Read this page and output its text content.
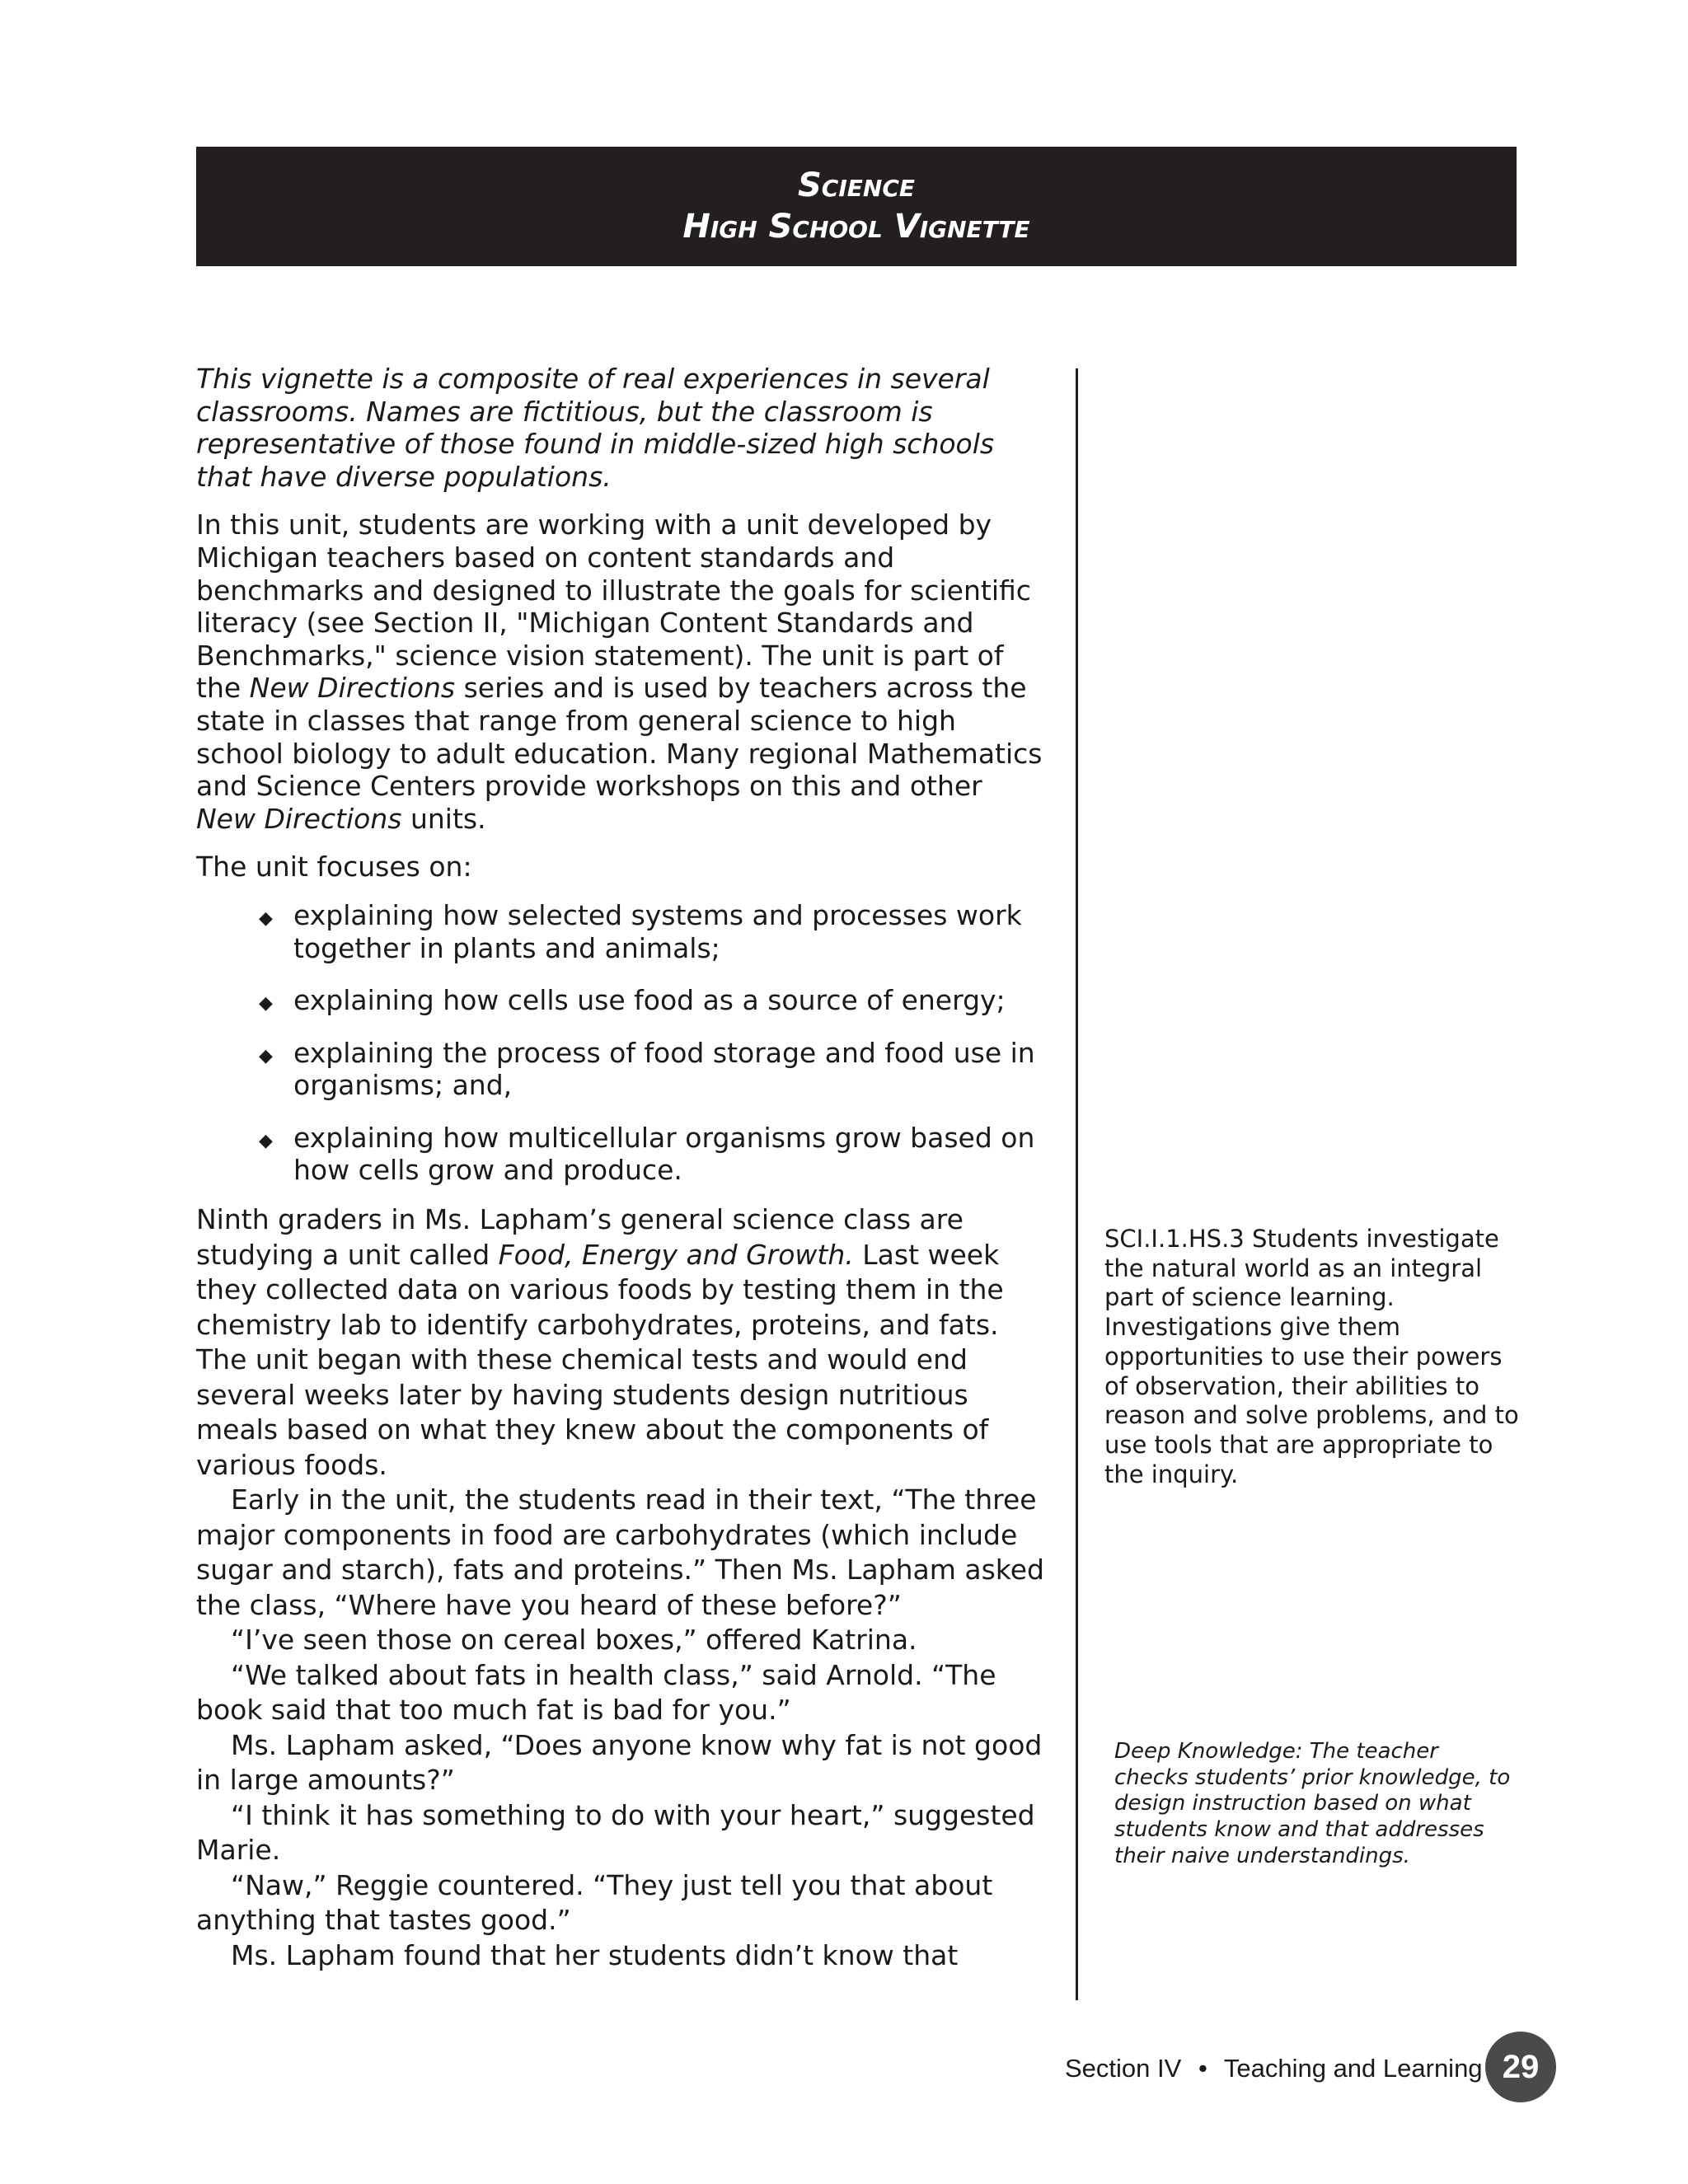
Science
High School Vignette

This vignette is a composite of real experiences in several classrooms. Names are fictitious, but the classroom is representative of those found in middle-sized high schools that have diverse populations.

In this unit, students are working with a unit developed by Michigan teachers based on content standards and benchmarks and designed to illustrate the goals for scientific literacy (see Section II, "Michigan Content Standards and Benchmarks," science vision statement). The unit is part of the New Directions series and is used by teachers across the state in classes that range from general science to high school biology to adult education. Many regional Mathematics and Science Centers provide workshops on this and other New Directions units.

The unit focuses on:

◆ explaining how selected systems and processes work together in plants and animals;
◆ explaining how cells use food as a source of energy;
◆ explaining the process of food storage and food use in organisms; and,
◆ explaining how multicellular organisms grow based on how cells grow and produce.

Ninth graders in Ms. Lapham’s general science class are studying a unit called Food, Energy and Growth. Last week they collected data on various foods by testing them in the chemistry lab to identify carbohydrates, proteins, and fats. The unit began with these chemical tests and would end several weeks later by having students design nutritious meals based on what they knew about the components of various foods.

Early in the unit, the students read in their text, “The three major components in food are carbohydrates (which include sugar and starch), fats and proteins.” Then Ms. Lapham asked the class, “Where have you heard of these before?”

“I’ve seen those on cereal boxes,” offered Katrina.

“We talked about fats in health class,” said Arnold. “The book said that too much fat is bad for you.”

Ms. Lapham asked, “Does anyone know why fat is not good in large amounts?”

“I think it has something to do with your heart,” suggested Marie.

“Naw,” Reggie countered. “They just tell you that about anything that tastes good.”

Ms. Lapham found that her students didn’t know that

SCI.I.1.HS.3 Students investigate the natural world as an integral part of science learning. Investigations give them opportunities to use their powers of observation, their abilities to reason and solve problems, and to use tools that are appropriate to the inquiry.
Deep Knowledge: The teacher checks students’ prior knowledge, to design instruction based on what students know and that addresses their naive understandings.
Section IV • Teaching and Learning 29
